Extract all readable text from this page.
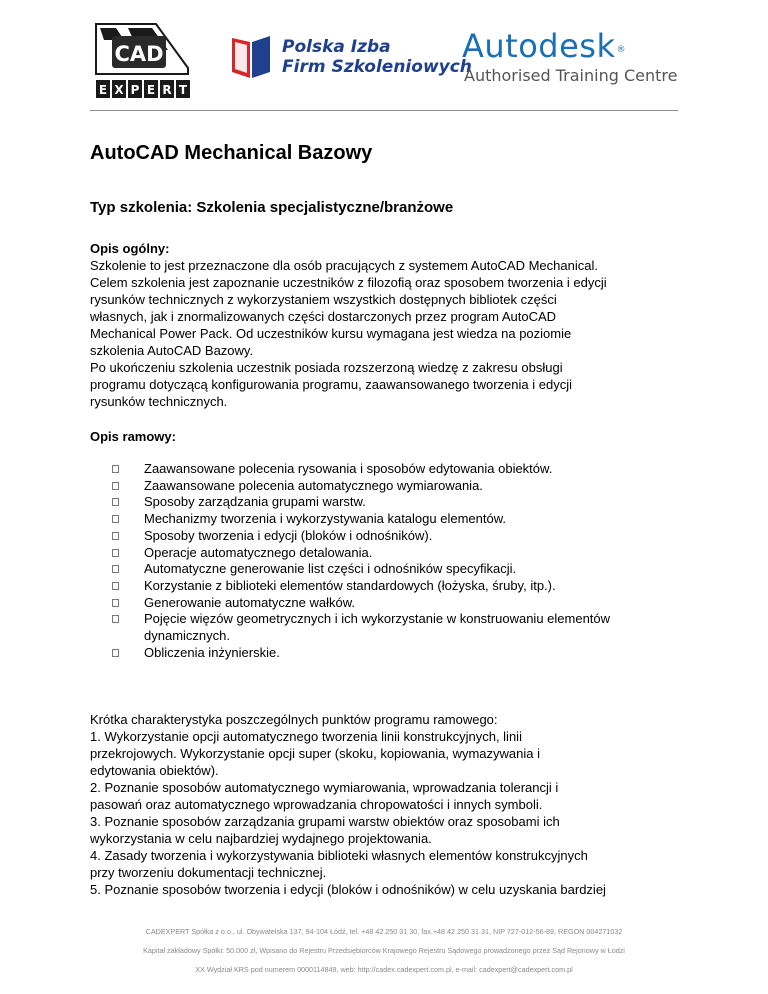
CAD
E X P E R T
Polska Izba
Firm Szkoleniowych
Autodesk®
Authorised Training Centre
AutoCAD Mechanical Bazowy
Typ szkolenia: Szkolenia specjalistyczne/branżowe
Opis ogólny:

Szkolenie to jest przeznaczone dla osób pracujących z systemem AutoCAD Mechanical.
Celem szkolenia jest zapoznanie uczestników z filozofią oraz sposobem tworzenia i edycji
rysunków technicznych z wykorzystaniem wszystkich dostępnych bibliotek części
własnych, jak i znormalizowanych części dostarczonych przez program AutoCAD
Mechanical Power Pack. Od uczestników kursu wymagana jest wiedza na poziomie
szkolenia AutoCAD Bazowy.
Po ukończeniu szkolenia uczestnik posiada rozszerzoną wiedzę z zakresu obsługi
programu dotyczącą konfigurowania programu, zaawansowanego tworzenia i edycji
rysunków technicznych.

Opis ramowy:
Zaawansowane polecenia rysowania i sposobów edytowania obiektów.
Zaawansowane polecenia automatycznego wymiarowania.
Sposoby zarządzania grupami warstw.
Mechanizmy tworzenia i wykorzystywania katalogu elementów.
Sposoby tworzenia i edycji (bloków i odnośników).
Operacje automatycznego detalowania.
Automatyczne generowanie list części i odnośników specyfikacji.
Korzystanie z biblioteki elementów standardowych (łożyska, śruby, itp.).
Generowanie automatyczne wałków.
Pojęcie więzów geometrycznych i ich wykorzystanie w konstruowaniu elementów dynamicznych.
Obliczenia inżynierskie.
Krótka charakterystyka poszczególnych punktów programu ramowego:
1. Wykorzystanie opcji automatycznego tworzenia linii konstrukcyjnych, linii
przekrojowych. Wykorzystanie opcji super (skoku, kopiowania, wymazywania i
edytowania obiektów).
2. Poznanie sposobów automatycznego wymiarowania, wprowadzania tolerancji i
pasowań oraz automatycznego wprowadzania chropowatości i innych symboli.
3. Poznanie sposobów zarządzania grupami warstw obiektów oraz sposobami ich
wykorzystania w celu najbardziej wydajnego projektowania.
4. Zasady tworzenia i wykorzystywania biblioteki własnych elementów konstrukcyjnych
przy tworzeniu dokumentacji technicznej.
5. Poznanie sposobów tworzenia i edycji (bloków i odnośników) w celu uzyskania bardziej
CADEXPERT Spółka z o.o., ul. Obywatelska 137, 94-104 Łódź, tel. +48 42 250 31 30, fax.+48 42 250 31 31, NIP 727-012-56-89, REGON 004271032
Kapitał zakładowy Spółki: 50.000 zł, Wpisano do Rejestru Przedsiębiorców Krajowego Rejestru Sądowego prowadzonego przez Sąd Rejonowy w Łodzi
XX Wydział KRS pod numerem 0000114849, web: http://cadex.cadexpert.com.pl, e-mail: cadexpert@cadexpert.com.pl
